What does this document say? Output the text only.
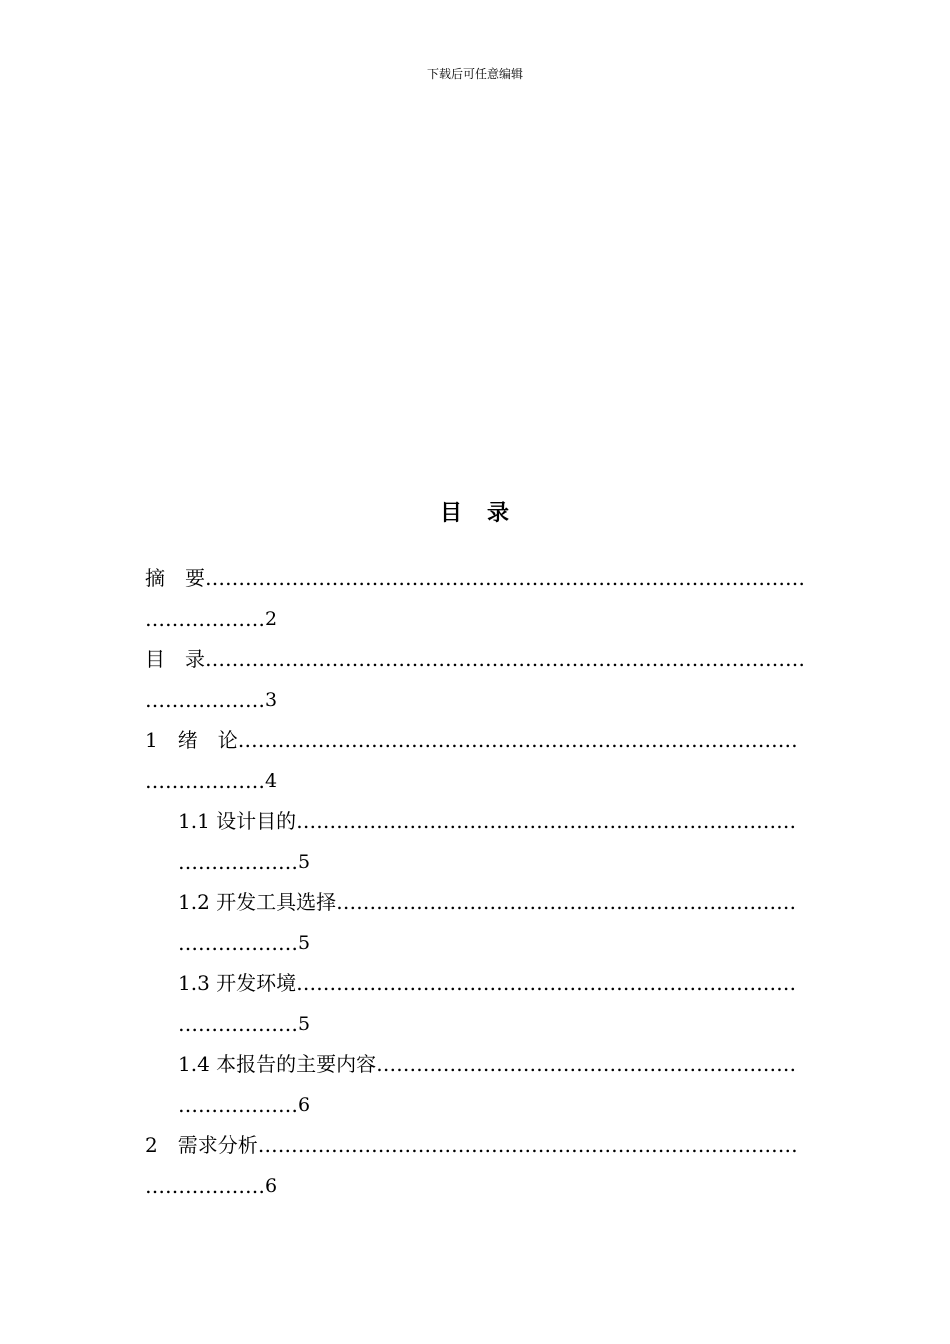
下载后可任意编辑
目 录
摘　要………………………………………………………………………………
………………2
目　录………………………………………………………………………………
………………3
1　绪　论…………………………………………………………………………
………………4
1.1 设计目的…………………………………………………………………
………………5
1.2 开发工具选择……………………………………………………………
………………5
1.3 开发环境…………………………………………………………………
………………5
1.4 本报告的主要内容………………………………………………………
………………6
2　需求分析………………………………………………………………………
………………6
